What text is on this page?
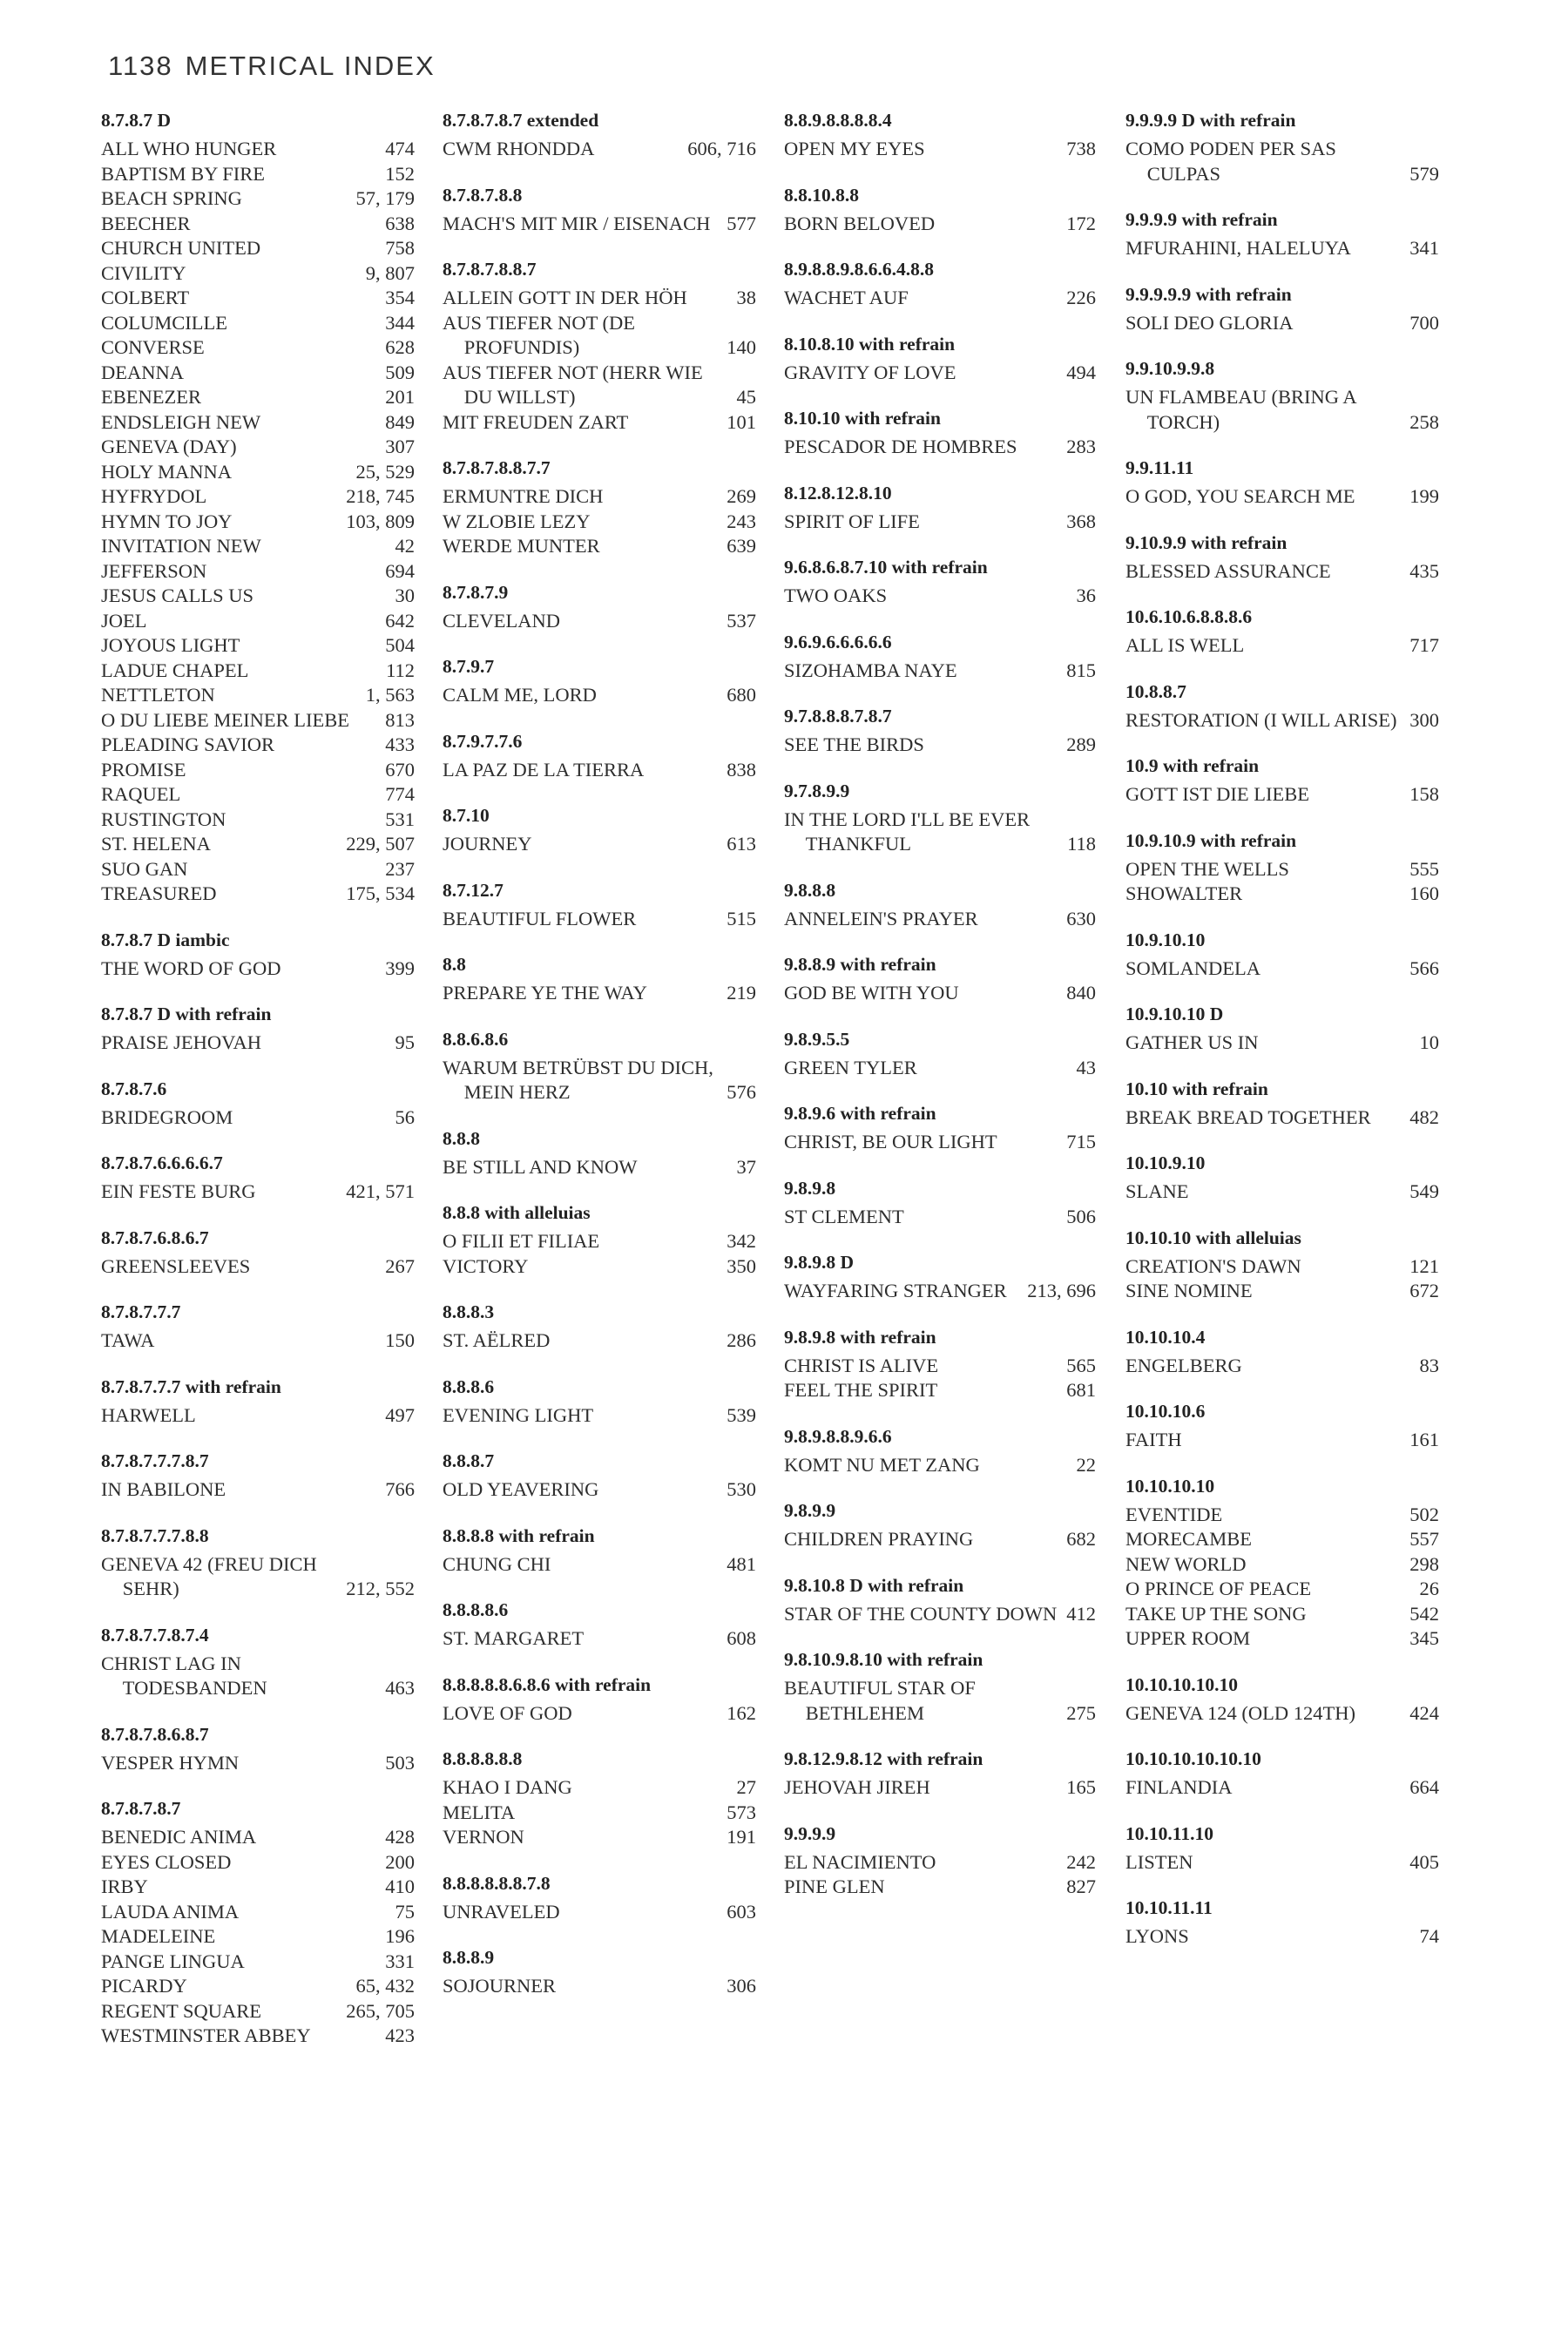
1138 METRICAL INDEX
8.7.8.7 D
ALL WHO HUNGER	474
BAPTISM BY FIRE	152
BEACH SPRING	57, 179
BEECHER	638
CHURCH UNITED	758
CIVILITY	9, 807
COLBERT	354
COLUMCILLE	344
CONVERSE	628
DEANNA	509
EBENEZER	201
ENDSLEIGH NEW	849
GENEVA (DAY)	307
HOLY MANNA	25, 529
HYFRYDOL	218, 745
HYMN TO JOY	103, 809
INVITATION NEW	42
JEFFERSON	694
JESUS CALLS US	30
JOEL	642
JOYOUS LIGHT	504
LADUE CHAPEL	112
NETTLETON	1, 563
O DU LIEBE MEINER LIEBE	813
PLEADING SAVIOR	433
PROMISE	670
RAQUEL	774
RUSTINGTON	531
ST. HELENA	229, 507
SUO GAN	237
TREASURED	175, 534
8.7.8.7 D iambic
THE WORD OF GOD	399
8.7.8.7 D with refrain
PRAISE JEHOVAH	95
8.7.8.7.6
BRIDEGROOM	56
8.7.8.7.6.6.6.6.7
EIN FESTE BURG	421, 571
8.7.8.7.6.8.6.7
GREENSLEEVES	267
8.7.8.7.7.7
TAWA	150
8.7.8.7.7.7 with refrain
HARWELL	497
8.7.8.7.7.7.8.7
IN BABILONE	766
8.7.8.7.7.7.8.8
GENEVA 42 (FREU DICH SEHR)	212, 552
8.7.8.7.7.8.7.4
CHRIST LAG IN TODESBANDEN	463
8.7.8.7.8.6.8.7
VESPER HYMN	503
8.7.8.7.8.7
BENEDIC ANIMA	428
EYES CLOSED	200
IRBY	410
LAUDA ANIMA	75
MADELEINE	196
PANGE LINGUA	331
PICARDY	65, 432
REGENT SQUARE	265, 705
WESTMINSTER ABBEY	423
8.7.8.7.8.7 extended
CWM RHONDDA	606, 716
8.7.8.7.8.8
MACH'S MIT MIR / EISENACH 577
8.7.8.7.8.8.7
ALLEIN GOTT IN DER HÖH	38
AUS TIEFER NOT (DE PROFUNDIS)	140
AUS TIEFER NOT (HERR WIE DU WILLST)	45
MIT FREUDEN ZART	101
8.7.8.7.8.8.7.7
ERMUNTRE DICH	269
W ZLOBIE LEZY	243
WERDE MUNTER	639
8.7.8.7.9
CLEVELAND	537
8.7.9.7
CALM ME, LORD	680
8.7.9.7.7.6
LA PAZ DE LA TIERRA	838
8.7.10
JOURNEY	613
8.7.12.7
BEAUTIFUL FLOWER	515
8.8
PREPARE YE THE WAY	219
8.8.6.8.6
WARUM BETRÜBST DU DICH, MEIN HERZ	576
8.8.8
BE STILL AND KNOW	37
8.8.8 with alleluias
O FILII ET FILIAE	342
VICTORY	350
8.8.8.3
ST. AËLRED	286
8.8.8.6
EVENING LIGHT	539
8.8.8.7
OLD YEAVERING	530
8.8.8.8 with refrain
CHUNG CHI	481
8.8.8.8.6
ST. MARGARET	608
8.8.8.8.8.6.8.6 with refrain
LOVE OF GOD	162
8.8.8.8.8.8
KHAO I DANG	27
MELITA	573
VERNON	191
8.8.8.8.8.8.7.8
UNRAVELED	603
8.8.8.9
SOJOURNER	306
8.8.9.8.8.8.8.4
OPEN MY EYES	738
8.8.10.8.8
BORN BELOVED	172
8.9.8.8.9.8.6.6.4.8.8
WACHET AUF	226
8.10.8.10 with refrain
GRAVITY OF LOVE	494
8.10.10 with refrain
PESCADOR DE HOMBRES	283
8.12.8.12.8.10
SPIRIT OF LIFE	368
9.6.8.6.8.7.10 with refrain
TWO OAKS	36
9.6.9.6.6.6.6.6
SIZOHAMBA NAYE	815
9.7.8.8.8.7.8.7
SEE THE BIRDS	289
9.7.8.9.9
IN THE LORD I'LL BE EVER THANKFUL	118
9.8.8.8
ANNELEIN'S PRAYER	630
9.8.8.9 with refrain
GOD BE WITH YOU	840
9.8.9.5.5
GREEN TYLER	43
9.8.9.6 with refrain
CHRIST, BE OUR LIGHT	715
9.8.9.8
ST CLEMENT	506
9.8.9.8 D
WAYFARING STRANGER	213, 696
9.8.9.8 with refrain
CHRIST IS ALIVE	565
FEEL THE SPIRIT	681
9.8.9.8.8.9.6.6
KOMT NU MET ZANG	22
9.8.9.9
CHILDREN PRAYING	682
9.8.10.8 D with refrain
STAR OF THE COUNTY DOWN 412
9.8.10.9.8.10 with refrain
BEAUTIFUL STAR OF BETHLEHEM	275
9.8.12.9.8.12 with refrain
JEHOVAH JIREH	165
9.9.9.9
EL NACIMIENTO	242
PINE GLEN	827
9.9.9.9 D with refrain
COMO PODEN PER SAS CULPAS	579
9.9.9.9 with refrain
MFURAHINI, HALELUYA	341
9.9.9.9.9 with refrain
SOLI DEO GLORIA	700
9.9.10.9.9.8
UN FLAMBEAU (BRING A TORCH)	258
9.9.11.11
O GOD, YOU SEARCH ME	199
9.10.9.9 with refrain
BLESSED ASSURANCE	435
10.6.10.6.8.8.8.6
ALL IS WELL	717
10.8.8.7
RESTORATION (I WILL ARISE) 300
10.9 with refrain
GOTT IST DIE LIEBE	158
10.9.10.9 with refrain
OPEN THE WELLS	555
SHOWALTER	160
10.9.10.10
SOMLANDELA	566
10.9.10.10 D
GATHER US IN	10
10.10 with refrain
BREAK BREAD TOGETHER	482
10.10.9.10
SLANE	549
10.10.10 with alleluias
CREATION'S DAWN	121
SINE NOMINE	672
10.10.10.4
ENGELBERG	83
10.10.10.6
FAITH	161
10.10.10.10
EVENTIDE	502
MORECAMBE	557
NEW WORLD	298
O PRINCE OF PEACE	26
TAKE UP THE SONG	542
UPPER ROOM	345
10.10.10.10.10
GENEVA 124 (OLD 124TH)	424
10.10.10.10.10.10
FINLANDIA	664
10.10.11.10
LISTEN	405
10.10.11.11
LYONS	74
